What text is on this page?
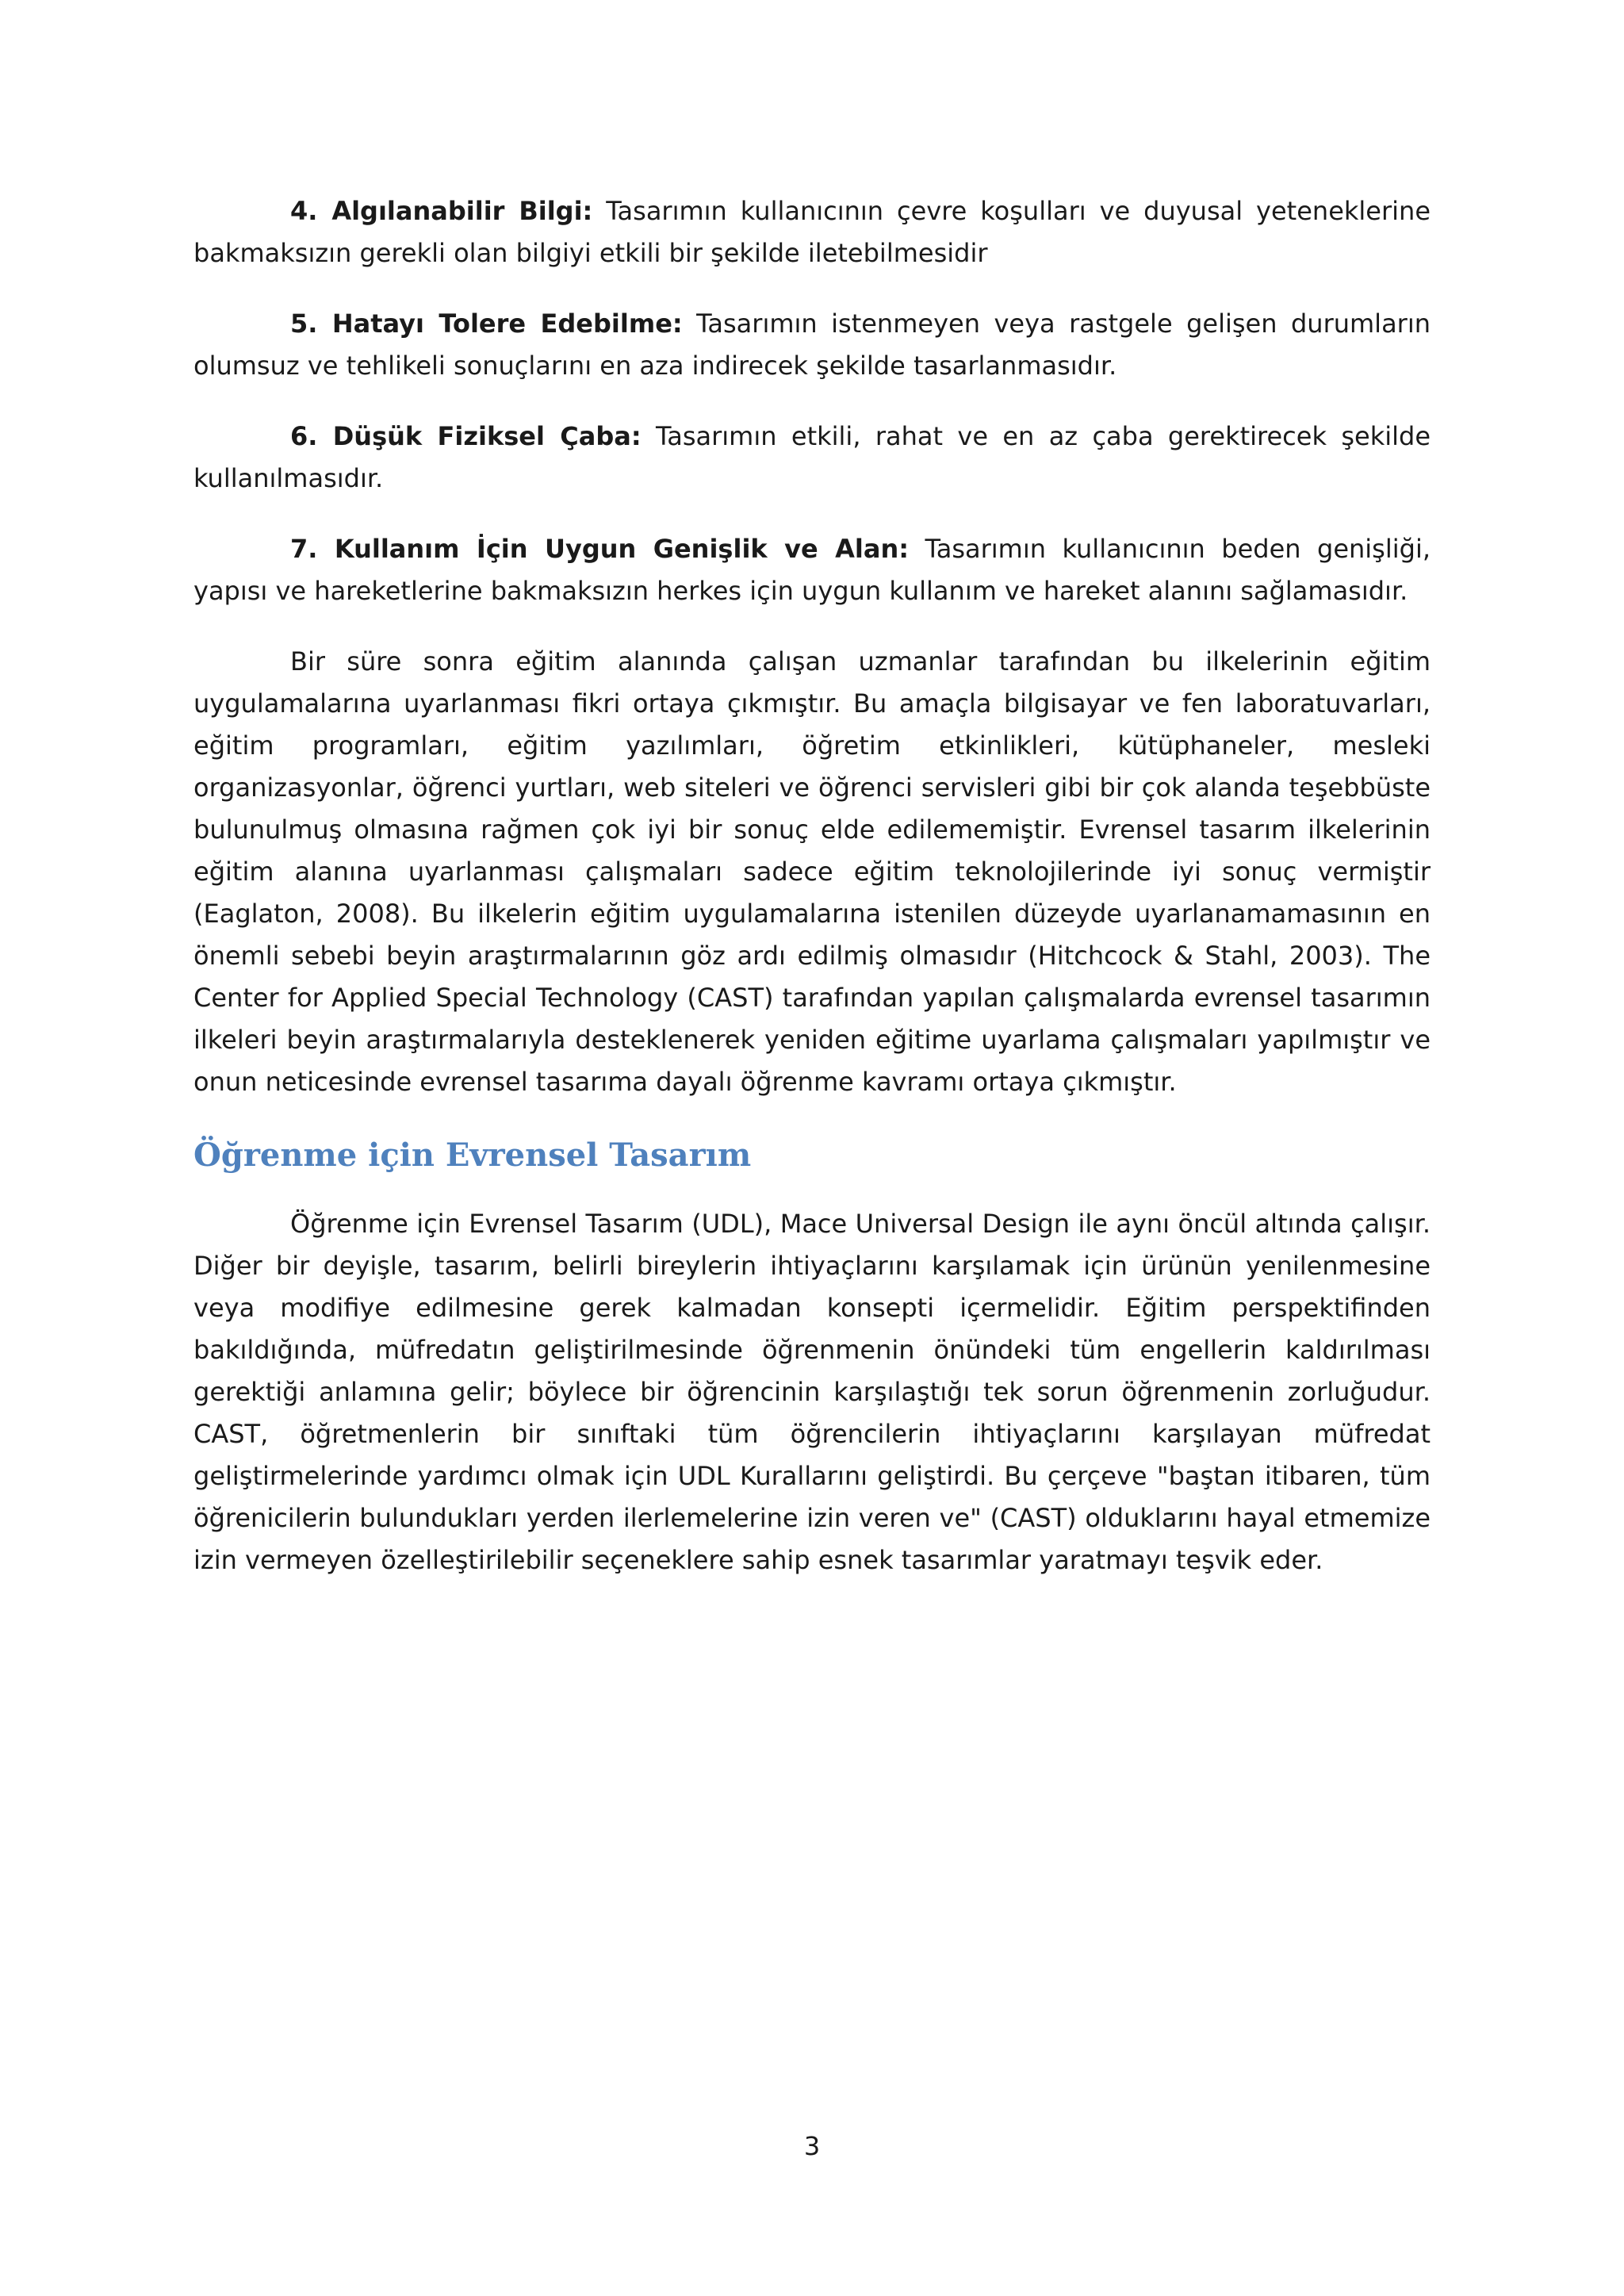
4. Algılanabilir Bilgi: Tasarımın kullanıcının çevre koşulları ve duyusal yeteneklerine bakmaksızın gerekli olan bilgiyi etkili bir şekilde iletebilmesidir

5. Hatayı Tolere Edebilme: Tasarımın istenmeyen veya rastgele gelişen durumların olumsuz ve tehlikeli sonuçlarını en aza indirecek şekilde tasarlanmasıdır.

6. Düşük Fiziksel Çaba: Tasarımın etkili, rahat ve en az çaba gerektirecek şekilde kullanılmasıdır.

7. Kullanım İçin Uygun Genişlik ve Alan: Tasarımın kullanıcının beden genişliği, yapısı ve hareketlerine bakmaksızın herkes için uygun kullanım ve hareket alanını sağlamasıdır.

Bir süre sonra eğitim alanında çalışan uzmanlar tarafından bu ilkelerinin eğitim uygulamalarına uyarlanması fikri ortaya çıkmıştır. Bu amaçla bilgisayar ve fen laboratuvarları, eğitim programları, eğitim yazılımları, öğretim etkinlikleri, kütüphaneler, mesleki organizasyonlar, öğrenci yurtları, web siteleri ve öğrenci servisleri gibi bir çok alanda teşebbüste bulunulmuş olmasına rağmen çok iyi bir sonuç elde edilememiştir. Evrensel tasarım ilkelerinin eğitim alanına uyarlanması çalışmaları sadece eğitim teknolojilerinde iyi sonuç vermiştir (Eaglaton, 2008). Bu ilkelerin eğitim uygulamalarına istenilen düzeyde uyarlanamamasının en önemli sebebi beyin araştırmalarının göz ardı edilmiş olmasıdır (Hitchcock & Stahl, 2003). The Center for Applied Special Technology (CAST) tarafından yapılan çalışmalarda evrensel tasarımın ilkeleri beyin araştırmalarıyla desteklenerek yeniden eğitime uyarlama çalışmaları yapılmıştır ve onun neticesinde evrensel tasarıma dayalı öğrenme kavramı ortaya çıkmıştır.

Öğrenme için Evrensel Tasarım

Öğrenme için Evrensel Tasarım (UDL), Mace Universal Design ile aynı öncül altında çalışır. Diğer bir deyişle, tasarım, belirli bireylerin ihtiyaçlarını karşılamak için ürünün yenilenmesine veya modifiye edilmesine gerek kalmadan konsepti içermelidir. Eğitim perspektifinden bakıldığında, müfredatın geliştirilmesinde öğrenmenin önündeki tüm engellerin kaldırılması gerektiği anlamına gelir; böylece bir öğrencinin karşılaştığı tek sorun öğrenmenin zorluğudur. CAST, öğretmenlerin bir sınıftaki tüm öğrencilerin ihtiyaçlarını karşılayan müfredat geliştirmelerinde yardımcı olmak için UDL Kurallarını geliştirdi. Bu çerçeve "baştan itibaren, tüm öğrenicilerin bulundukları yerden ilerlemelerine izin veren ve" (CAST) olduklarını hayal etmemize izin vermeyen özelleştirilebilir seçeneklere sahip esnek tasarımlar yaratmayı teşvik eder.

3
